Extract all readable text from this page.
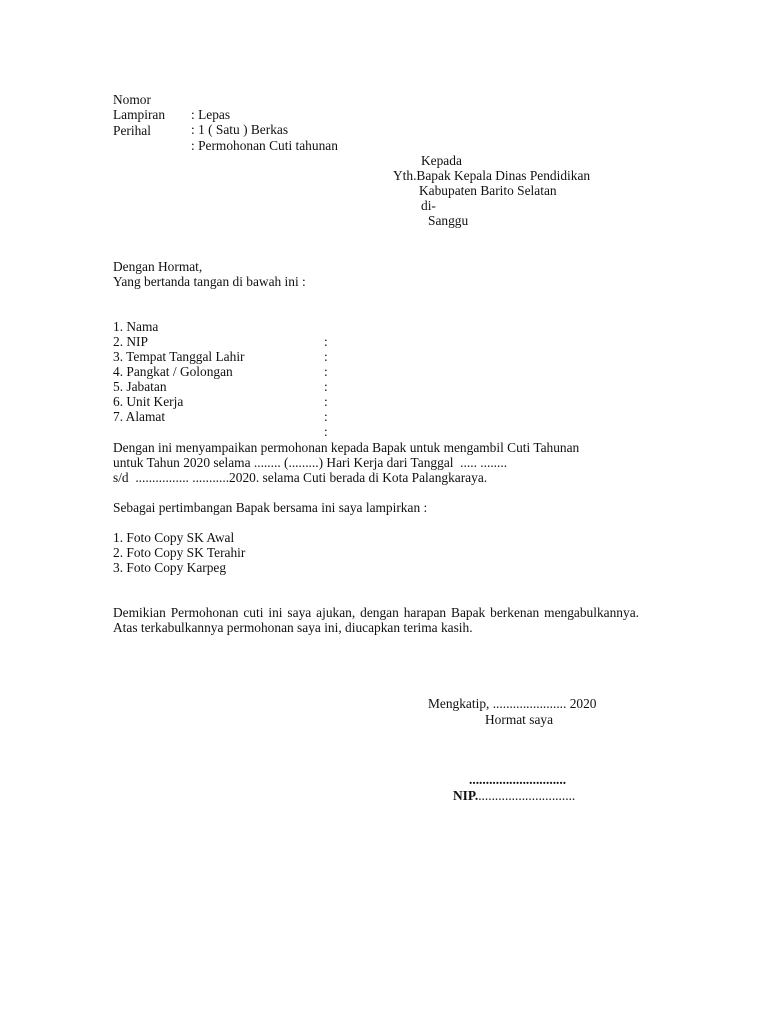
Nomor

: Lepas

Lampiran

: 1 ( Satu ) Berkas

Perihal

: Permohonan Cuti tahunan

Kepada
Yth.Bapak Kepala Dinas Pendidikan
Kabupaten Barito Selatan
di-
Sanggu
Dengan Hormat,
Yang bertanda tangan di bawah ini :

1. Nama

:

2. NIP

:

3. Tempat Tanggal Lahir

:

4. Pangkat / Golongan

:

5. Jabatan

:

6. Unit Kerja

:

7. Alamat

:

Dengan ini menyampaikan permohonan kepada Bapak untuk mengambil Cuti Tahunan
untuk Tahun 2020 selama ........ (.........) Hari Kerja dari Tanggal  ..... ........
s/d  ................ ...........2020. selama Cuti berada di Kota Palangkaraya.
Sebagai pertimbangan Bapak bersama ini saya lampirkan :
1. Foto Copy SK Awal
2. Foto Copy SK Terahir
3. Foto Copy Karpeg
Demikian Permohonan cuti ini saya ajukan, dengan harapan Bapak berkenan mengabulkannya. Atas terkabulkannya permohonan saya ini, diucapkan terima kasih.
Mengkatip, ...................... 2020
Hormat saya
.............................
NIP..............................
